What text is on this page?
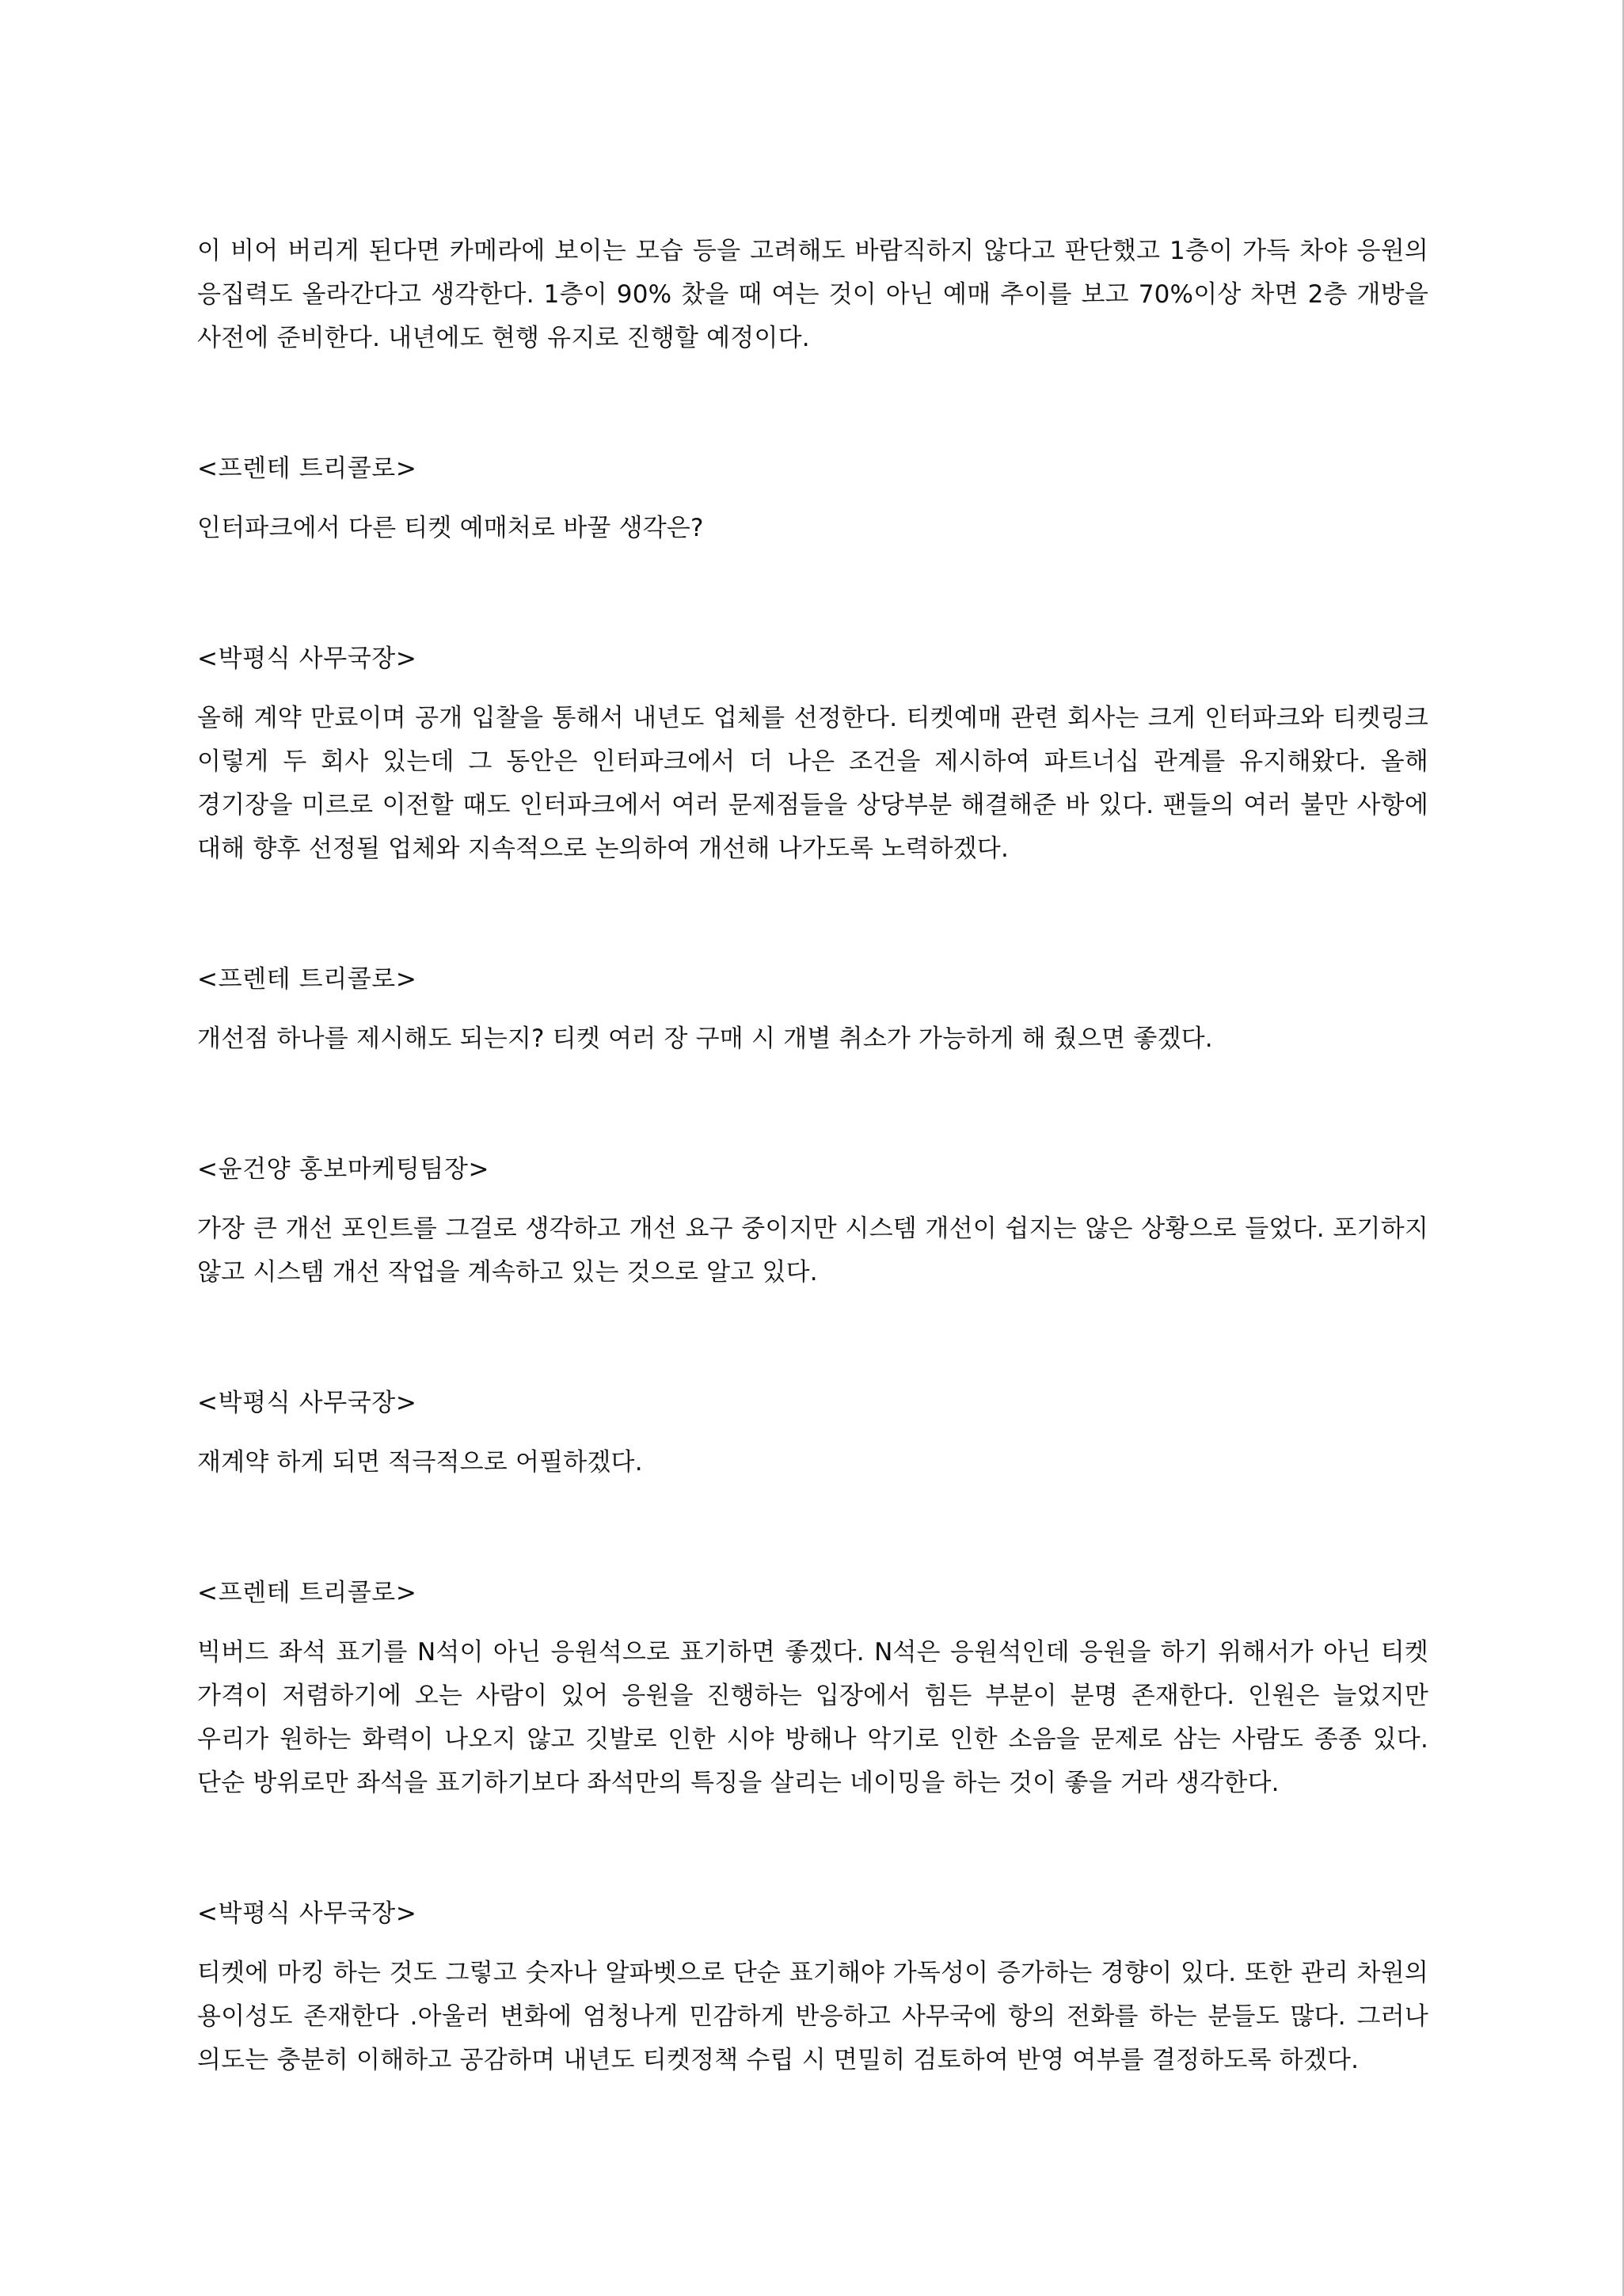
이 비어 버리게 된다면 카메라에 보이는 모습 등을 고려해도 바람직하지 않다고 판단했고 1층이 가득 차야 응원의 응집력도 올라간다고 생각한다. 1층이 90% 찼을 때 여는 것이 아닌 예매 추이를 보고 70%이상 차면 2층 개방을 사전에 준비한다. 내년에도 현행 유지로 진행할 예정이다.

<프렌테 트리콜로>

인터파크에서 다른 티켓 예매처로 바꿀 생각은?

<박평식 사무국장>

올해 계약 만료이며 공개 입찰을 통해서 내년도 업체를 선정한다. 티켓예매 관련 회사는 크게 인터파크와 티켓링크 이렇게 두 회사 있는데 그 동안은 인터파크에서 더 나은 조건을 제시하여 파트너십 관계를 유지해왔다. 올해 경기장을 미르로 이전할 때도 인터파크에서 여러 문제점들을 상당부분 해결해준 바 있다. 팬들의 여러 불만 사항에 대해 향후 선정될 업체와 지속적으로 논의하여 개선해 나가도록 노력하겠다.

<프렌테 트리콜로>

개선점 하나를 제시해도 되는지? 티켓 여러 장 구매 시 개별 취소가 가능하게 해 줬으면 좋겠다.

<윤건양 홍보마케팅팀장>

가장 큰 개선 포인트를 그걸로 생각하고 개선 요구 중이지만 시스템 개선이 쉽지는 않은 상황으로 들었다. 포기하지 않고 시스템 개선 작업을 계속하고 있는 것으로 알고 있다.

<박평식 사무국장>

재계약 하게 되면 적극적으로 어필하겠다.

<프렌테 트리콜로>

빅버드 좌석 표기를 N석이 아닌 응원석으로 표기하면 좋겠다. N석은 응원석인데 응원을 하기 위해서가 아닌 티켓 가격이 저렴하기에 오는 사람이 있어 응원을 진행하는 입장에서 힘든 부분이 분명 존재한다. 인원은 늘었지만 우리가 원하는 화력이 나오지 않고 깃발로 인한 시야 방해나 악기로 인한 소음을 문제로 삼는 사람도 종종 있다. 단순 방위로만 좌석을 표기하기보다 좌석만의 특징을 살리는 네이밍을 하는 것이 좋을 거라 생각한다.

<박평식 사무국장>

티켓에 마킹 하는 것도 그렇고 숫자나 알파벳으로 단순 표기해야 가독성이 증가하는 경향이 있다. 또한 관리 차원의 용이성도 존재한다 .아울러 변화에 엄청나게 민감하게 반응하고 사무국에 항의 전화를 하는 분들도 많다. 그러나 의도는 충분히 이해하고 공감하며 내년도 티켓정책 수립 시 면밀히 검토하여 반영 여부를 결정하도록 하겠다.
